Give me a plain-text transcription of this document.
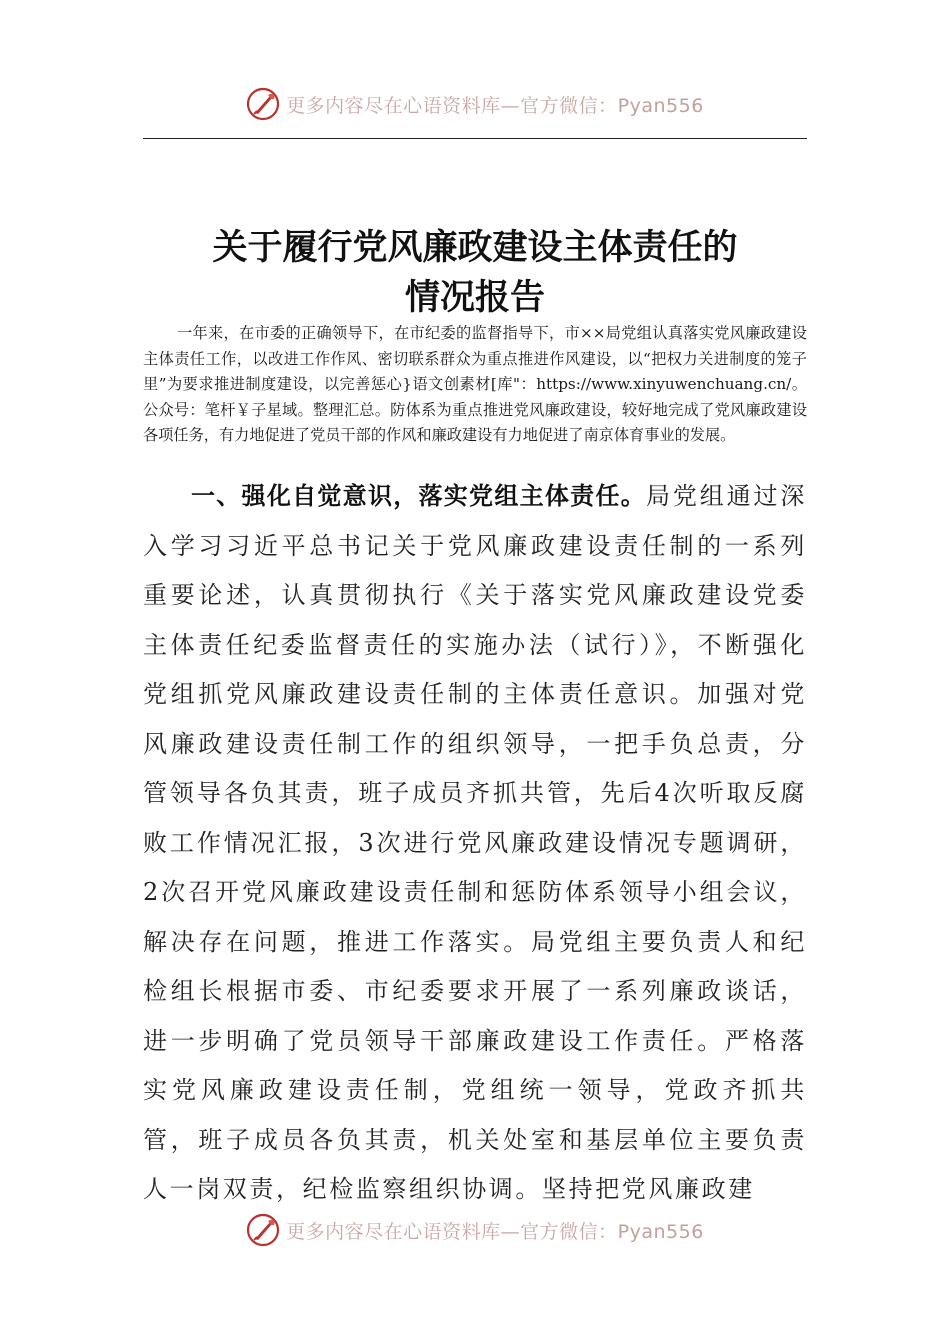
更多内容尽在心语资料库—官方微信：Pyan556
关于履行党风廉政建设主体责任的
情况报告

一年来，在市委的正确领导下，在市纪委的监督指导下，市××局党组认真落实党风廉政建设主体责任工作，以改进工作作风、密切联系群众为重点推进作风建设，以“把权力关进制度的笼子里”为要求推进制度建设，以完善惩心}语文创素材[库"：https://www.xinyuwenchuang.cn/。公众号：笔杆￥子星域。整理汇总。防体系为重点推进党风廉政建设，较好地完成了党风廉政建设各项任务，有力地促进了党员干部的作风和廉政建设有力地促进了南京体育事业的发展。

一、强化自觉意识，落实党组主体责任。局党组通过深入学习习近平总书记关于党风廉政建设责任制的一系列重要论述，认真贯彻执行《关于落实党风廉政建设党委主体责任纪委监督责任的实施办法（试行）》，不断强化党组抓党风廉政建设责任制的主体责任意识。加强对党风廉政建设责任制工作的组织领导，一把手负总责，分管领导各负其责，班子成员齐抓共管，先后4次听取反腐败工作情况汇报，3次进行党风廉政建设情况专题调研，2次召开党风廉政建设责任制和惩防体系领导小组会议，解决存在问题，推进工作落实。局党组主要负责人和纪检组长根据市委、市纪委要求开展了一系列廉政谈话，进一步明确了党员领导干部廉政建设工作责任。严格落实党风廉政建设责任制，党组统一领导，党政齐抓共管，班子成员各负其责，机关处室和基层单位主要负责人一岗双责，纪检监察组织协调。坚持把党风廉政建

更多内容尽在心语资料库—官方微信：Pyan556
